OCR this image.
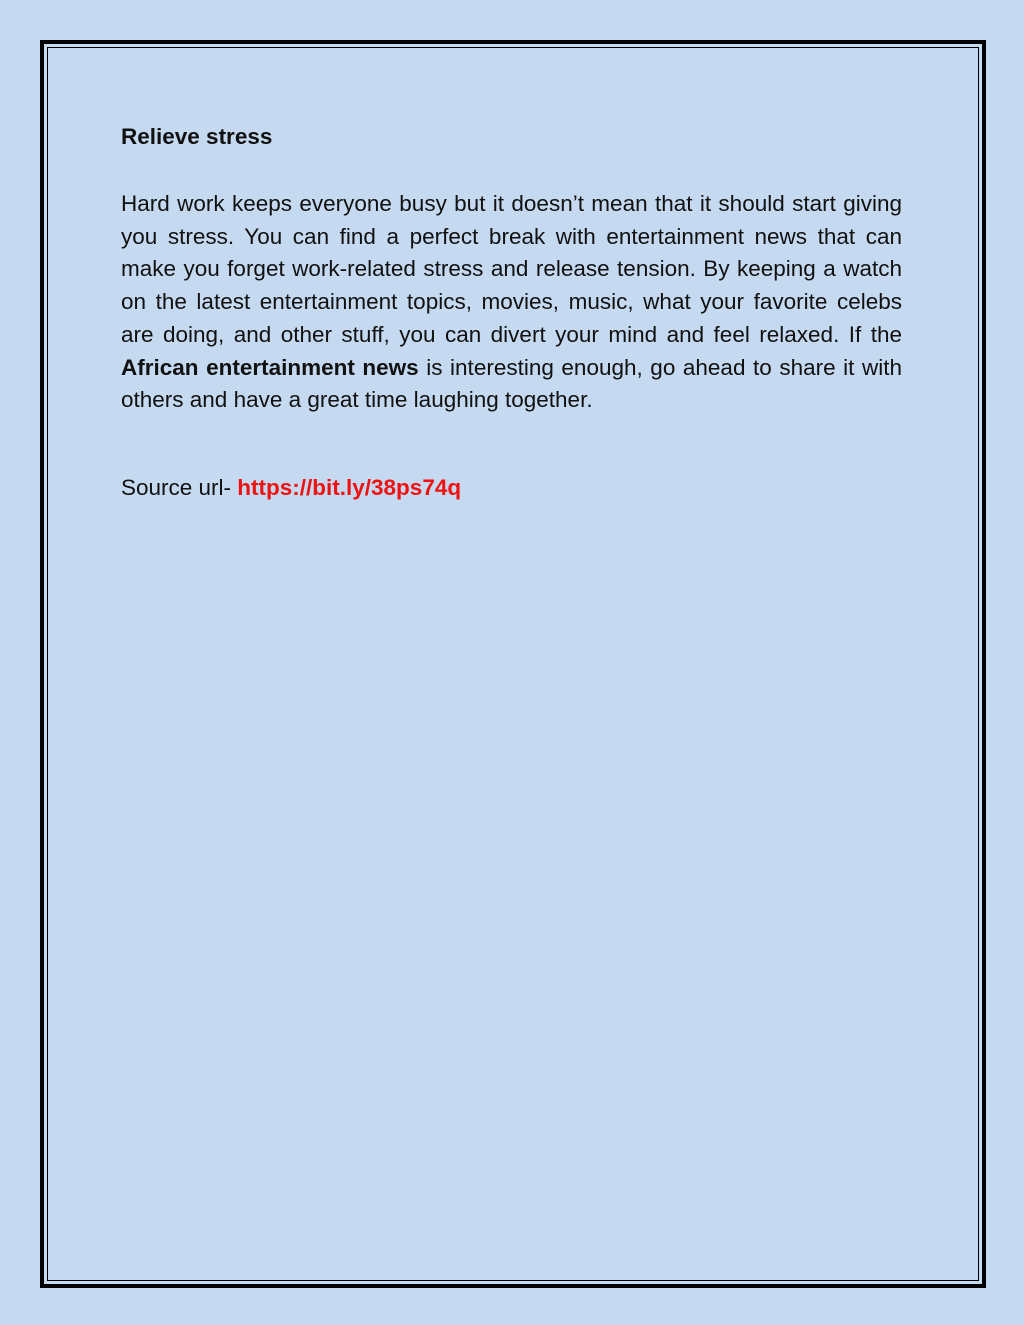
Relieve stress

Hard work keeps everyone busy but it doesn’t mean that it should start giving you stress. You can find a perfect break with entertainment news that can make you forget work-related stress and release tension. By keeping a watch on the latest entertainment topics, movies, music, what your favorite celebs are doing, and other stuff, you can divert your mind and feel relaxed. If the African entertainment news is interesting enough, go ahead to share it with others and have a great time laughing together.

Source url- https://bit.ly/38ps74q
